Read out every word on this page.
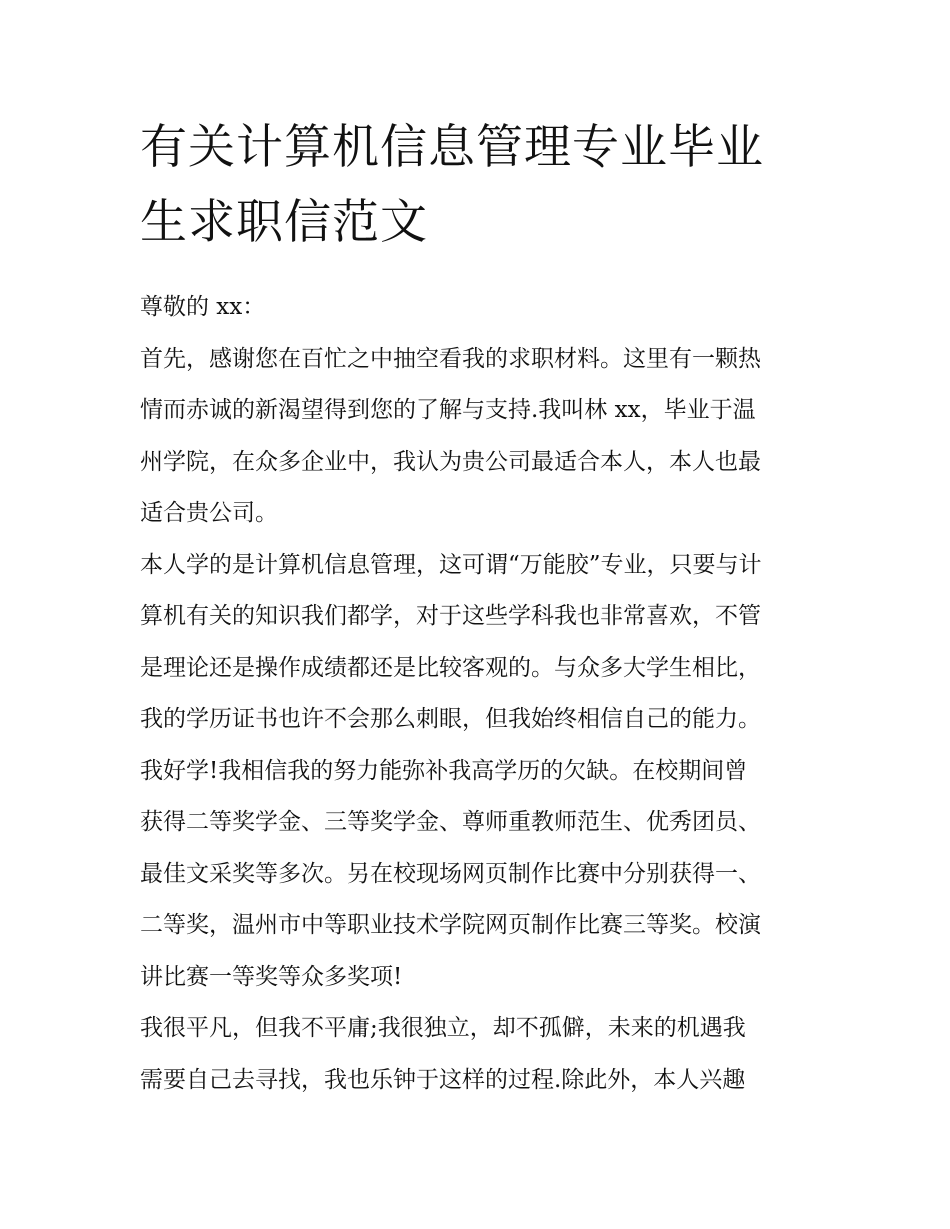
有关计算机信息管理专业毕业
生求职信范文
尊敬的 xx：
首先，感谢您在百忙之中抽空看我的求职材料。这里有一颗热
情而赤诚的新渴望得到您的了解与支持.我叫林 xx，毕业于温
州学院，在众多企业中，我认为贵公司最适合本人，本人也最
适合贵公司。
本人学的是计算机信息管理，这可谓“万能胶”专业，只要与计
算机有关的知识我们都学，对于这些学科我也非常喜欢，不管
是理论还是操作成绩都还是比较客观的。与众多大学生相比，
我的学历证书也许不会那么刺眼，但我始终相信自己的能力。
我好学!我相信我的努力能弥补我高学历的欠缺。在校期间曾
获得二等奖学金、三等奖学金、尊师重教师范生、优秀团员、
最佳文采奖等多次。另在校现场网页制作比赛中分别获得一、
二等奖，温州市中等职业技术学院网页制作比赛三等奖。校演
讲比赛一等奖等众多奖项!
我很平凡，但我不平庸;我很独立，却不孤僻，未来的机遇我
需要自己去寻找，我也乐钟于这样的过程.除此外，本人兴趣
